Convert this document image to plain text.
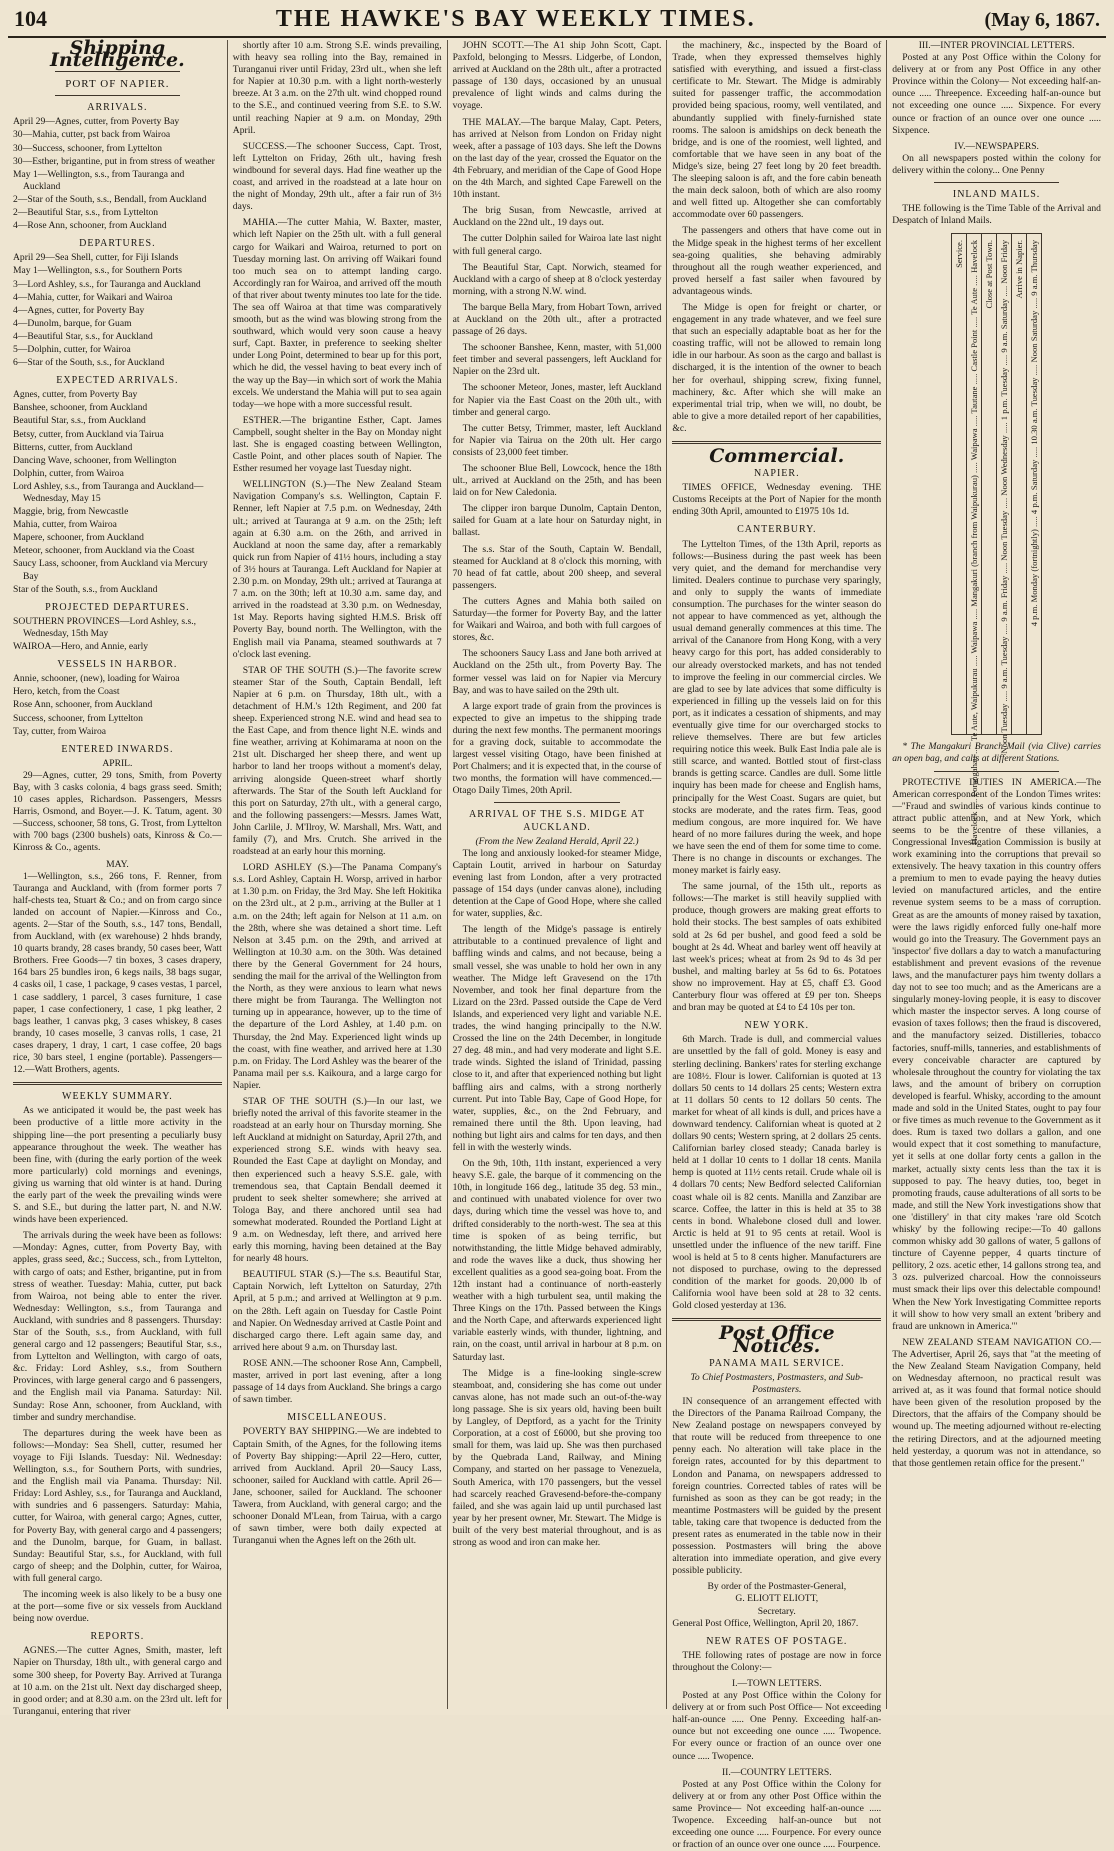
104	THE HAWKE'S BAY WEEKLY TIMES.	(May 6, 1867.
Shipping Intelligence.
PORT OF NAPIER.
ARRIVALS.
April 29—Agnes, cutter, from Poverty Bay
30—Mahia, cutter, pst back from Wairoa
30—Success, schooner, from Lyttelton
30—Esther, brigantine, put in from stress of weather
May 1—Wellington, s.s., from Tauranga and Auckland
2—Star of the South, s.s., Bendall, from Auckland
2—Beautiful Star, s.s., from Lyttelton
4—Rose Ann, schooner, from Auckland
DEPARTURES.
April 29—Sea Shell, cutter, for Fiji Islands
May 1—Wellington, s.s., for Southern Ports
3—Lord Ashley, s.s., for Tauranga and Auckland
4—Mahia, cutter, for Waikari and Wairoa
4—Agnes, cutter, for Poverty Bay
4—Dunolm, barque, for Guam
4—Beautiful Star, s.s., for Auckland
5—Dolphin, cutter, for Wairoa
6—Star of the South, s.s., for Auckland
EXPECTED ARRIVALS.
Agnes, cutter, from Poverty Bay
Banshee, schooner, from Auckland
Beautiful Star, s.s., from Auckland
Betsy, cutter, from Auckland via Tairua
Bitterns, cutter, from Auckland
Dancing Wave, schooner, from Wellington
Dolphin, cutter, from Wairoa
Lord Ashley, s.s., from Tauranga and Auckland—Wednesday, May 15
Maggie, brig, from Newcastle
Mahia, cutter, from Wairoa
Mapere, schooner, from Auckland
Meteor, schooner, from Auckland via the Coast
Saucy Lass, schooner, from Auckland via Mercury Bay
Star of the South, s.s., from Auckland
PROJECTED DEPARTURES.
SOUTHERN PROVINCES—Lord Ashley, s.s., Wednesday, 15th May
WAIROA—Hero, and Annie, early
VESSELS IN HARBOR.
Annie, schooner, (new), loading for Wairoa
Hero, ketch, from the Coast
Rose Ann, schooner, from Auckland
Success, schooner, from Lyttelton
Tay, cutter, from Wairoa
ENTERED INWARDS.
APRIL.

29—Agnes, cutter, 29 tons, Smith, from Poverty Bay, with 3 casks colonia, 4 bags grass seed. Smith; 10 cases apples, Richardson. Passengers, Messrs Harris, Osmond, and Boyer.—J. K. Tatum, agent. 30—Success, schooner, 58 tons, G. Trost, from Lyttelton with 700 bags (2300 bushels) oats, Kinross & Co.—Kinross & Co., agents.

MAY.

1—Wellington, s.s., 266 tons, F. Renner, from Tauranga and Auckland, with (from former ports 7 half-chests tea, Stuart & Co.; and on from cargo since landed on account of Napier.—Kinross and Co., agents. 2—Star of the South, s.s., 147 tons, Bendall, from Auckland, with (ex warehouse) 2 hhds brandy, 10 quarts brandy, 28 cases brandy, 50 cases beer, Watt Brothers. Free Goods—7 tin boxes, 3 cases drapery, 164 bars 25 bundles iron, 6 kegs nails, 38 bags sugar, 4 casks oil, 1 case, 1 package, 9 cases vestas, 1 parcel, 1 case saddlery, 1 parcel, 3 cases furniture, 1 case paper, 1 case confectionery, 1 case, 1 pkg leather, 2 bags leather, 1 canvas pkg, 3 cases whiskey, 8 cases brandy, 10 cases moselle, 3 canvas rolls, 1 case, 21 cases drapery, 1 dray, 1 cart, 1 case coffee, 20 bags rice, 30 bars steel, 1 engine (portable). Passengers—12.—Watt Brothers, agents.

WEEKLY SUMMARY.

As we anticipated it would be, the past week has been productive of a little more activity in the shipping line—the port presenting a peculiarly busy appearance throughout the week. The weather has been fine, with (during the early portion of the week more particularly) cold mornings and evenings, giving us warning that old winter is at hand. During the early part of the week the prevailing winds were S. and S.E., but during the latter part, N. and N.W. winds have been experienced.

The arrivals during the week have been as follows:—Monday: Agnes, cutter, from Poverty Bay, with apples, grass seed, &c.; Success, sch., from Lyttelton, with cargo of oats; and Esther, brigantine, put in from stress of weather. Tuesday: Mahia, cutter, put back from Wairoa, not being able to enter the river. Wednesday: Wellington, s.s., from Tauranga and Auckland, with sundries and 8 passengers. Thursday: Star of the South, s.s., from Auckland, with full general cargo and 12 passengers; Beautiful Star, s.s., from Lyttelton and Wellington, with cargo of oats, &c. Friday: Lord Ashley, s.s., from Southern Provinces, with large general cargo and 6 passengers, and the English mail via Panama. Saturday: Nil. Sunday: Rose Ann, schooner, from Auckland, with timber and sundry merchandise.

The departures during the week have been as follows:—Monday: Sea Shell, cutter, resumed her voyage to Fiji Islands. Tuesday: Nil. Wednesday: Wellington, s.s., for Southern Ports, with sundries, and the English mail via Panama. Thursday: Nil. Friday: Lord Ashley, s.s., for Tauranga and Auckland, with sundries and 6 passengers. Saturday: Mahia, cutter, for Wairoa, with general cargo; Agnes, cutter, for Poverty Bay, with general cargo and 4 passengers; and the Dunolm, barque, for Guam, in ballast. Sunday: Beautiful Star, s.s., for Auckland, with full cargo of sheep; and the Dolphin, cutter, for Wairoa, with full general cargo.

The incoming week is also likely to be a busy one at the port—some five or six vessels from Auckland being now overdue.

REPORTS.

AGNES.—The cutter Agnes, Smith, master, left Napier on Thursday, 18th ult., with general cargo and some 300 sheep, for Poverty Bay. Arrived at Turanga at 10 a.m. on the 21st ult. Next day discharged sheep, in good order; and at 8.30 a.m. on the 23rd ult. left for Turanganui, entering that river

shortly after 10 a.m. Strong S.E. winds prevailing, with heavy sea rolling into the Bay, remained in Turanganui river until Friday, 23rd ult., when she left for Napier at 10.30 p.m. with a light north-westerly breeze. At 3 a.m. on the 27th ult. wind chopped round to the S.E., and continued veering from S.E. to S.W. until reaching Napier at 9 a.m. on Monday, 29th April.

SUCCESS.—The schooner Success, Capt. Trost, left Lyttelton on Friday, 26th ult., having fresh windbound for several days. Had fine weather up the coast, and arrived in the roadstead at a late hour on the night of Monday, 29th ult., after a fair run of 3½ days.

MAHIA.—The cutter Mahia, W. Baxter, master, which left Napier on the 25th ult. with a full general cargo for Waikari and Wairoa, returned to port on Tuesday morning last. On arriving off Waikari found too much sea on to attempt landing cargo. Accordingly ran for Wairoa, and arrived off the mouth of that river about twenty minutes too late for the tide. The sea off Wairoa at that time was comparatively smooth, but as the wind was blowing strong from the southward, which would very soon cause a heavy surf, Capt. Baxter, in preference to seeking shelter under Long Point, determined to bear up for this port, which he did, the vessel having to beat every inch of the way up the Bay—in which sort of work the Mahia excels. We understand the Mahia will put to sea again today—we hope with a more successful result.

ESTHER.—The brigantine Esther, Capt. James Campbell, sought shelter in the Bay on Monday night last. She is engaged coasting between Wellington, Castle Point, and other places south of Napier. The Esther resumed her voyage last Tuesday night.

WELLINGTON (S.)—The New Zealand Steam Navigation Company's s.s. Wellington, Captain F. Renner, left Napier at 7.5 p.m. on Wednesday, 24th ult.; arrived at Tauranga at 9 a.m. on the 25th; left again at 6.30 a.m. on the 26th, and arrived in Auckland at noon the same day, after a remarkably quick run from Napier of 41½ hours, including a stay of 3½ hours at Tauranga. Left Auckland for Napier at 2.30 p.m. on Monday, 29th ult.; arrived at Tauranga at 7 a.m. on the 30th; left at 10.30 a.m. same day, and arrived in the roadstead at 3.30 p.m. on Wednesday, 1st May. Reports having sighted H.M.S. Brisk off Poverty Bay, bound north. The Wellington, with the English mail via Panama, steamed southwards at 7 o'clock last evening.

STAR OF THE SOUTH (S.)—The favorite screw steamer Star of the South, Captain Bendall, left Napier at 6 p.m. on Thursday, 18th ult., with a detachment of H.M.'s 12th Regiment, and 200 fat sheep. Experienced strong N.E. wind and head sea to the East Cape, and from thence light N.E. winds and fine weather, arriving at Kohimarama at noon on the 21st ult. Discharged her sheep there, and went up harbor to land her troops without a moment's delay, arriving alongside Queen-street wharf shortly afterwards. The Star of the South left Auckland for this port on Saturday, 27th ult., with a general cargo, and the following passengers:—Messrs. James Watt, John Carlile, J. M'Ilroy, W. Marshall, Mrs. Watt, and family (7), and Mrs. Crutch. She arrived in the roadstead at an early hour this morning.

LORD ASHLEY (S.)—The Panama Company's s.s. Lord Ashley, Captain H. Worsp, arrived in harbor at 1.30 p.m. on Friday, the 3rd May. She left Hokitika on the 23rd ult., at 2 p.m., arriving at the Buller at 1 a.m. on the 24th; left again for Nelson at 11 a.m. on the 28th, where she was detained a short time. Left Nelson at 3.45 p.m. on the 29th, and arrived at Wellington at 10.30 a.m. on the 30th. Was detained there by the General Government for 24 hours, sending the mail for the arrival of the Wellington from the North, as they were anxious to learn what news there might be from Tauranga. The Wellington not turning up in appearance, however, up to the time of the departure of the Lord Ashley, at 1.40 p.m. on Thursday, the 2nd May. Experienced light winds up the coast, with fine weather, and arrived here at 1.30 p.m. on Friday. The Lord Ashley was the bearer of the Panama mail per s.s. Kaikoura, and a large cargo for Napier.

STAR OF THE SOUTH (S.)—In our last, we briefly noted the arrival of this favorite steamer in the roadstead at an early hour on Thursday morning. She left Auckland at midnight on Saturday, April 27th, and experienced strong S.E. winds with heavy sea. Rounded the East Cape at daylight on Monday, and then experienced such a heavy S.S.E. gale, with tremendous sea, that Captain Bendall deemed it prudent to seek shelter somewhere; she arrived at Tologa Bay, and there anchored until sea had somewhat moderated. Rounded the Portland Light at 9 a.m. on Wednesday, left there, and arrived here early this morning, having been detained at the Bay for nearly 48 hours.

BEAUTIFUL STAR (S.)—The s.s. Beautiful Star, Captain Norwich, left Lyttelton on Saturday, 27th April, at 5 p.m.; and arrived at Wellington at 9 p.m. on the 28th. Left again on Tuesday for Castle Point and Napier. On Wednesday arrived at Castle Point and discharged cargo there. Left again same day, and arrived here about 9 a.m. on Thursday last.

ROSE ANN.—The schooner Rose Ann, Campbell, master, arrived in port last evening, after a long passage of 14 days from Auckland. She brings a cargo of sawn timber.

MISCELLANEOUS.

POVERTY BAY SHIPPING.—We are indebted to Captain Smith, of the Agnes, for the following items of Poverty Bay shipping:—April 22—Hero, cutter, arrived from Auckland. April 20—Saucy Lass, schooner, sailed for Auckland with cattle. April 26—Jane, schooner, sailed for Auckland. The schooner Tawera, from Auckland, with general cargo; and the schooner Donald M'Lean, from Tairua, with a cargo of sawn timber, were both daily expected at Turanganui when the Agnes left on the 26th ult.

JOHN SCOTT.—The A1 ship John Scott, Capt. Paxfold, belonging to Messrs. Lidgerbe, of London, arrived at Auckland on the 28th ult., after a protracted passage of 130 days, occasioned by an unusual prevalence of light winds and calms during the voyage.

THE MALAY.—The barque Malay, Capt. Peters, has arrived at Nelson from London on Friday night week, after a passage of 103 days. She left the Downs on the last day of the year, crossed the Equator on the 4th February, and meridian of the Cape of Good Hope on the 4th March, and sighted Cape Farewell on the 10th instant.

The brig Susan, from Newcastle, arrived at Auckland on the 22nd ult., 19 days out.

The cutter Dolphin sailed for Wairoa late last night with full general cargo.

The Beautiful Star, Capt. Norwich, steamed for Auckland with a cargo of sheep at 8 o'clock yesterday morning, with a strong N.W. wind.

The barque Bella Mary, from Hobart Town, arrived at Auckland on the 20th ult., after a protracted passage of 26 days.

The schooner Banshee, Kenn, master, with 51,000 feet timber and several passengers, left Auckland for Napier on the 23rd ult.

The schooner Meteor, Jones, master, left Auckland for Napier via the East Coast on the 20th ult., with timber and general cargo.

The cutter Betsy, Trimmer, master, left Auckland for Napier via Tairua on the 20th ult. Her cargo consists of 23,000 feet timber.

The schooner Blue Bell, Lowcock, hence the 18th ult., arrived at Auckland on the 25th, and has been laid on for New Caledonia.

The clipper iron barque Dunolm, Captain Denton, sailed for Guam at a late hour on Saturday night, in ballast.

The s.s. Star of the South, Captain W. Bendall, steamed for Auckland at 8 o'clock this morning, with 70 head of fat cattle, about 200 sheep, and several passengers.

The cutters Agnes and Mahia both sailed on Saturday—the former for Poverty Bay, and the latter for Waikari and Wairoa, and both with full cargoes of stores, &c.

The schooners Saucy Lass and Jane both arrived at Auckland on the 25th ult., from Poverty Bay. The former vessel was laid on for Napier via Mercury Bay, and was to have sailed on the 29th ult.

A large export trade of grain from the provinces is expected to give an impetus to the shipping trade during the next few months. The permanent moorings for a graving dock, suitable to accommodate the largest vessel visiting Otago, have been finished at Port Chalmers; and it is expected that, in the course of two months, the formation will have commenced.—Otago Daily Times, 20th April.

ARRIVAL OF THE S.S. MIDGE AT AUCKLAND.
(From the New Zealand Herald, April 22.)

The long and anxiously looked-for steamer Midge, Captain Loutit, arrived in harbour on Saturday evening last from London, after a very protracted passage of 154 days (under canvas alone), including detention at the Cape of Good Hope, where she called for water, supplies, &c.

The length of the Midge's passage is entirely attributable to a continued prevalence of light and baffling winds and calms, and not because, being a small vessel, she was unable to hold her own in any weather. The Midge left Gravesend on the 17th November, and took her final departure from the Lizard on the 23rd. Passed outside the Cape de Verd Islands, and experienced very light and variable N.E. trades, the wind hanging principally to the N.W. Crossed the line on the 24th December, in longitude 27 deg. 48 min., and had very moderate and light S.E. trade winds. Sighted the island of Trinidad, passing close to it, and after that experienced nothing but light baffling airs and calms, with a strong northerly current. Put into Table Bay, Cape of Good Hope, for water, supplies, &c., on the 2nd February, and remained there until the 8th. Upon leaving, had nothing but light airs and calms for ten days, and then fell in with the westerly winds.

On the 9th, 10th, 11th instant, experienced a very heavy S.E. gale, the barque of it commencing on the 10th, in longitude 166 deg., latitude 35 deg. 53 min., and continued with unabated violence for over two days, during which time the vessel was hove to, and drifted considerably to the north-west. The sea at this time is spoken of as being terrific, but notwithstanding, the little Midge behaved admirably, and rode the waves like a duck, thus showing her excellent qualities as a good sea-going boat. From the 12th instant had a continuance of north-easterly weather with a high turbulent sea, until making the Three Kings on the 17th. Passed between the Kings and the North Cape, and afterwards experienced light variable easterly winds, with thunder, lightning, and rain, on the coast, until arrival in harbour at 8 p.m. on Saturday last.

The Midge is a fine-looking single-screw steamboat, and, considering she has come out under canvas alone, has not made such an out-of-the-way long passage. She is six years old, having been built by Langley, of Deptford, as a yacht for the Trinity Corporation, at a cost of £6000, but she proving too small for them, was laid up. She was then purchased by the Quebrada Land, Railway, and Mining Company, and started on her passage to Venezuela, South America, with 170 passengers, but the vessel had scarcely reached Gravesend-before-the-company failed, and she was again laid up until purchased last year by her present owner, Mr. Stewart. The Midge is built of the very best material throughout, and is as strong as wood and iron can make her.

the machinery, &c., inspected by the Board of Trade, when they expressed themselves highly satisfied with everything, and issued a first-class certificate to Mr. Stewart. The Midge is admirably suited for passenger traffic, the accommodation provided being spacious, roomy, well ventilated, and abundantly supplied with finely-furnished state rooms. The saloon is amidships on deck beneath the bridge, and is one of the roomiest, well lighted, and comfortable that we have seen in any boat of the Midge's size, being 27 feet long by 20 feet breadth. The sleeping saloon is aft, and the fore cabin beneath the main deck saloon, both of which are also roomy and well fitted up. Altogether she can comfortably accommodate over 60 passengers.

The passengers and others that have come out in the Midge speak in the highest terms of her excellent sea-going qualities, she behaving admirably throughout all the rough weather experienced, and proved herself a fast sailer when favoured by advantageous winds.

The Midge is open for freight or charter, or engagement in any trade whatever, and we feel sure that such an especially adaptable boat as her for the coasting traffic, will not be allowed to remain long idle in our harbour. As soon as the cargo and ballast is discharged, it is the intention of the owner to beach her for overhaul, shipping screw, fixing funnel, machinery, &c. After which she will make an experimental trial trip, when we will, no doubt, be able to give a more detailed report of her capabilities, &c.

Commercial.
NAPIER.

TIMES OFFICE, Wednesday evening. THE Customs Receipts at the Port of Napier for the month ending 30th April, amounted to £1975 10s 1d.

CANTERBURY.

The Lyttelton Times, of the 13th April, reports as follows:—Business during the past week has been very quiet, and the demand for merchandise very limited. Dealers continue to purchase very sparingly, and only to supply the wants of immediate consumption. The purchases for the winter season do not appear to have commenced as yet, although the usual demand generally commences at this time. The arrival of the Cananore from Hong Kong, with a very heavy cargo for this port, has added considerably to our already overstocked markets, and has not tended to improve the feeling in our commercial circles. We are glad to see by late advices that some difficulty is experienced in filling up the vessels laid on for this port, as it indicates a cessation of shipments, and may eventually give time for our overcharged stocks to relieve themselves. There are but few articles requiring notice this week. Bulk East India pale ale is still scarce, and wanted. Bottled stout of first-class brands is getting scarce. Candles are dull. Some little inquiry has been made for cheese and English hams, principally for the West Coast. Sugars are quiet, but stocks are moderate, and the rates firm. Teas, good medium congous, are more inquired for. We have heard of no more failures during the week, and hope we have seen the end of them for some time to come. There is no change in discounts or exchanges. The money market is fairly easy.

The same journal, of the 15th ult., reports as follows:—The market is still heavily supplied with produce, though growers are making great efforts to hold their stocks. The best samples of oats exhibited sold at 2s 6d per bushel, and good feed a sold be bought at 2s 4d. Wheat and barley went off heavily at last week's prices; wheat at from 2s 9d to 4s 3d per bushel, and malting barley at 5s 6d to 6s. Potatoes show no improvement. Hay at £5, chaff £3. Good Canterbury flour was offered at £9 per ton. Sheeps and bran may be quoted at £4 to £4 10s per ton.

NEW YORK.

6th March. Trade is dull, and commercial values are unsettled by the fall of gold. Money is easy and sterling declining. Bankers' rates for sterling exchange are 108½. Flour is lower. Californian is quoted at 13 dollars 50 cents to 14 dollars 25 cents; Western extra at 11 dollars 50 cents to 12 dollars 50 cents. The market for wheat of all kinds is dull, and prices have a downward tendency. Californian wheat is quoted at 2 dollars 90 cents; Western spring, at 2 dollars 25 cents. Californian barley closed steady; Canada barley is held at 1 dollar 10 cents to 1 dollar 18 cents. Manila hemp is quoted at 11½ cents retail. Crude whale oil is 4 dollars 70 cents; New Bedford selected Californian coast whale oil is 82 cents. Manilla and Zanzibar are scarce. Coffee, the latter in this is held at 35 to 38 cents in bond. Whalebone closed dull and lower. Arctic is held at 91 to 95 cents at retail. Wool is unsettled under the influence of the new tariff. Fine wool is held at 5 to 8 cents higher. Manufacturers are not disposed to purchase, owing to the depressed condition of the market for goods. 20,000 lb of California wool have been sold at 28 to 32 cents. Gold closed yesterday at 136.

Post Office Notices.
PANAMA MAIL SERVICE.
To Chief Postmasters, Postmasters, and Sub-Postmasters.

IN consequence of an arrangement effected with the Directors of the Panama Railroad Company, the New Zealand postage on newspapers conveyed by that route will be reduced from threepence to one penny each. No alteration will take place in the foreign rates, accounted for by this department to London and Panama, on newspapers addressed to foreign countries. Corrected tables of rates will be furnished as soon as they can be got ready; in the meantime Postmasters will be guided by the present table, taking care that twopence is deducted from the present rates as enumerated in the table now in their possession. Postmasters will bring the above alteration into immediate operation, and give every possible publicity.

By order of the Postmaster-General,
G. ELIOTT ELIOTT,
Secretary.
General Post Office, Wellington, April 20, 1867.
NEW RATES OF POSTAGE.

THE following rates of postage are now in force throughout the Colony:—

I.—TOWN LETTERS.

Posted at any Post Office within the Colony for delivery at or from such Post Office— Not exceeding half-an-ounce ..... One Penny. Exceeding half-an-ounce but not exceeding one ounce ..... Twopence. For every ounce or fraction of an ounce over one ounce ..... Twopence.

II.—COUNTRY LETTERS.

Posted at any Post Office within the Colony for delivery at or from any other Post Office within the same Province— Not exceeding half-an-ounce ..... Twopence. Exceeding half-an-ounce but not exceeding one ounce ..... Fourpence. For every ounce or fraction of an ounce over one ounce ..... Fourpence.

III.—INTER PROVINCIAL LETTERS.

Posted at any Post Office within the Colony for delivery at or from any Post Office in any other Province within the Colony— Not exceeding half-an-ounce ..... Threepence. Exceeding half-an-ounce but not exceeding one ounce ..... Sixpence. For every ounce or fraction of an ounce over one ounce ..... Sixpence.

IV.—NEWSPAPERS.

On all newspapers posted within the colony for delivery within the colony... One Penny

INLAND MAILS.

THE following is the Time Table of the Arrival and Despatch of Inland Mails.

Service. Havelock ..... Porangahau ..... Te Aute, Waipukurau ..... Waipawa ..... Mangakuri (branch from Waipukurau) ..... Waipawa ..... Tautane ..... Castle Point ..... Te Aute ..... Havelock Close at Post Town. Noon Tuesday ..... 9 a.m. Tuesday ..... 9 a.m. Friday ..... Noon Tuesday ..... Noon Wednesday ..... 1 p.m. Tuesday ..... 9 a.m. Saturday ..... Noon Friday Arrive in Napier. 4 p.m. Monday (fortnightly) ..... 4 p.m. Saturday ..... 10.30 a.m. Tuesday ..... Noon Saturday ..... 9 a.m. Thursday

* The Mangakuri Branch Mail (via Clive) carries an open bag, and calls at different Stations.

PROTECTIVE DUTIES IN AMERICA.—The American correspondent of the London Times writes:—"Fraud and swindles of various kinds continue to attract public attention, and at New York, which seems to be the centre of these villanies, a Congressional Investigation Commission is busily at work examining into the corruptions that prevail so extensively. The heavy taxation in this country offers a premium to men to evade paying the heavy duties levied on manufactured articles, and the entire revenue system seems to be a mass of corruption. Great as are the amounts of money raised by taxation, were the laws rigidly enforced fully one-half more would go into the Treasury. The Government pays an 'inspector' five dollars a day to watch a manufacturing establishment and prevent evasions of the revenue laws, and the manufacturer pays him twenty dollars a day not to see too much; and as the Americans are a singularly money-loving people, it is easy to discover which master the inspector serves. A long course of evasion of taxes follows; then the fraud is discovered, and the manufactory seized. Distilleries, tobacco factories, snuff-mills, tanneries, and establishments of every conceivable character are captured by wholesale throughout the country for violating the tax laws, and the amount of bribery on corruption developed is fearful. Whisky, according to the amount made and sold in the United States, ought to pay four or five times as much revenue to the Government as it does. Rum is taxed two dollars a gallon, and one would expect that it cost something to manufacture, yet it sells at one dollar forty cents a gallon in the market, actually sixty cents less than the tax it is supposed to pay. The heavy duties, too, beget in promoting frauds, cause adulterations of all sorts to be made, and still the New York investigations show that one 'distillery' in that city makes 'rare old Scotch whisky' by the following recipe:—To 40 gallons common whisky add 30 gallons of water, 5 gallons of tincture of Cayenne pepper, 4 quarts tincture of pellitory, 2 ozs. acetic ether, 14 gallons strong tea, and 3 ozs. pulverized charcoal. How the connoisseurs must smack their lips over this delectable compound! When the New York Investigating Committee reports it will show to how very small an extent 'bribery and fraud are unknown in America.'"

NEW ZEALAND STEAM NAVIGATION CO.—The Advertiser, April 26, says that "at the meeting of the New Zealand Steam Navigation Company, held on Wednesday afternoon, no practical result was arrived at, as it was found that formal notice should have been given of the resolution proposed by the Directors, that the affairs of the Company should be wound up. The meeting adjourned without re-electing the retiring Directors, and at the adjourned meeting held yesterday, a quorum was not in attendance, so that those gentlemen retain office for the present."
